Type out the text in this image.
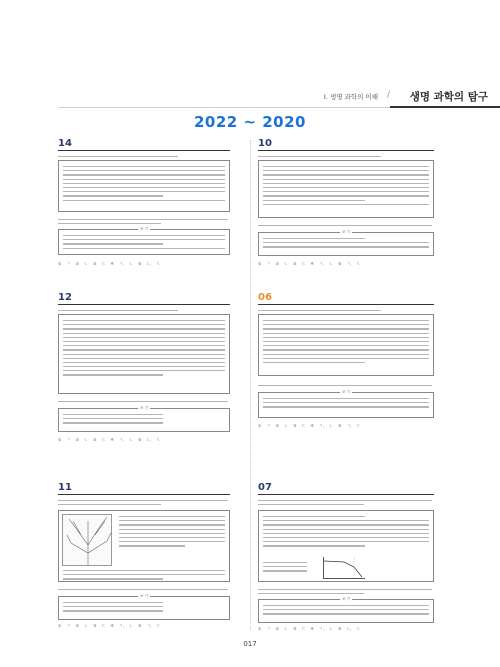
Ⅰ. 생명 과학의 이해 / 생명 과학의 탐구
2022 ~ 2020
14
보 기
① ㄱ ② ㄴ ③ ㄷ ④ ㄱ, ㄴ ⑤ ㄴ, ㄷ
10
보 기
① ㄱ ② ㄴ ③ ㄷ ④ ㄱ, ㄴ ⑤ ㄱ, ㄷ
12
보 기
① ㄱ ② ㄴ ③ ㄷ ④ ㄱ, ㄴ ⑤ ㄴ, ㄷ
06
보 기
① ㄱ ② ㄴ ③ ㄷ ④ ㄱ, ㄴ ⑤ ㄱ, ㄷ
11
보 기
① ㄱ ② ㄴ ③ ㄷ ④ ㄱ, ㄴ ⑤ ㄱ, ㄷ
07
보 기
① ㄱ ② ㄴ ③ ㄷ ④ ㄱ, ㄴ ⑤ ㄴ, ㄷ
017
